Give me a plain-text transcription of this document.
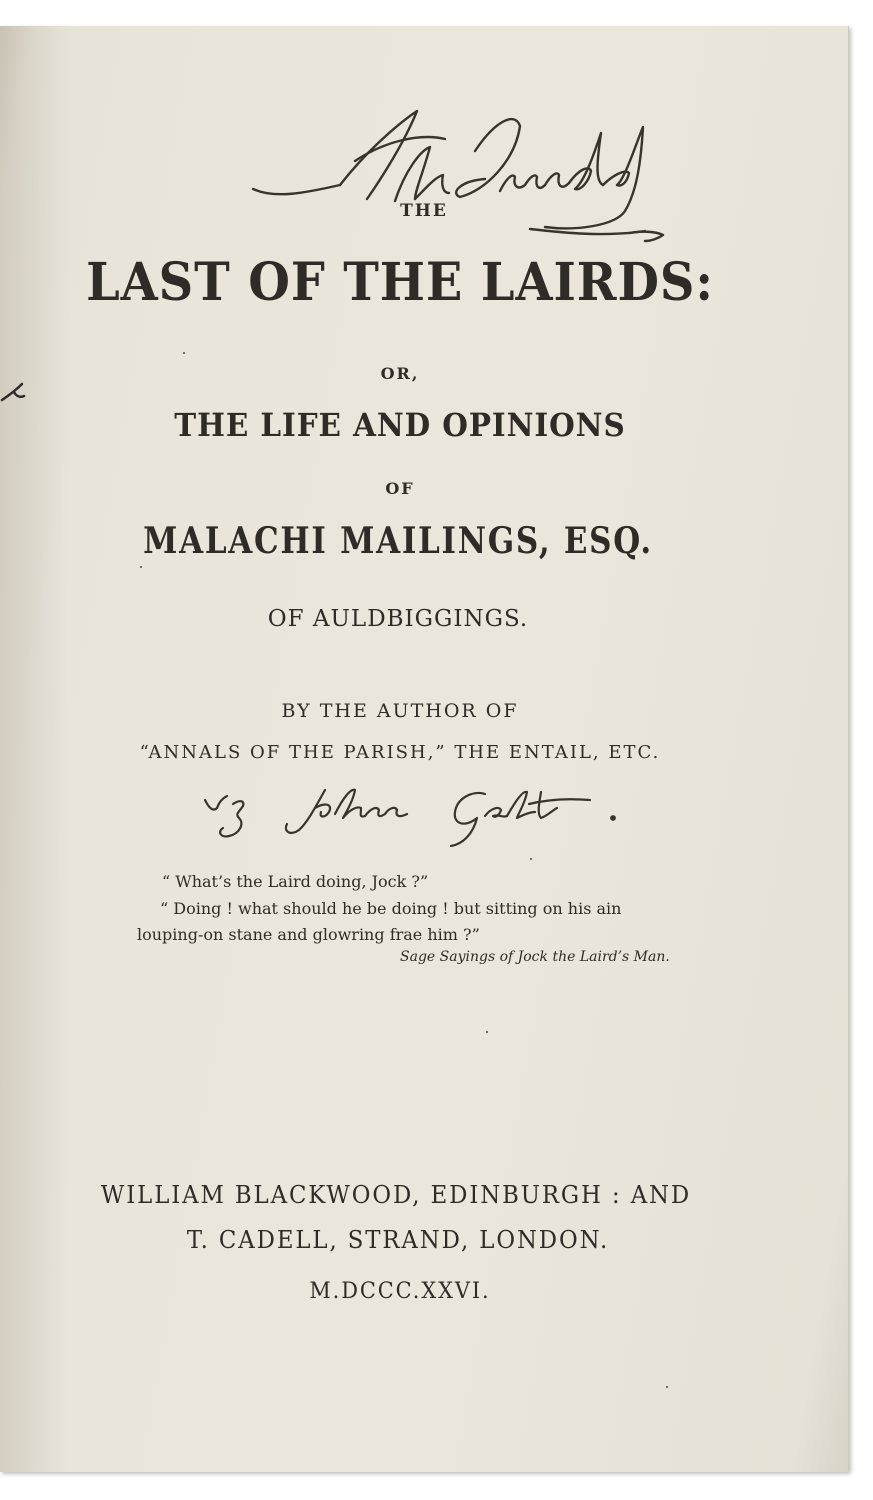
THE
LAST OF THE LAIRDS:
OR,
THE LIFE AND OPINIONS
OF
MALACHI MAILINGS, ESQ.
OF AULDBIGGINGS.
BY THE AUTHOR OF
“ANNALS OF THE PARISH,” THE ENTAIL, ETC.
“ What’s the Laird doing, Jock ?”
“ Doing ! what should he be doing ! but sitting on his ain
louping-on stane and glowring frae him ?”
Sage Sayings of Jock the Laird’s Man.
WILLIAM BLACKWOOD, EDINBURGH : AND
T. CADELL, STRAND, LONDON.
M.DCCC.XXVI.
